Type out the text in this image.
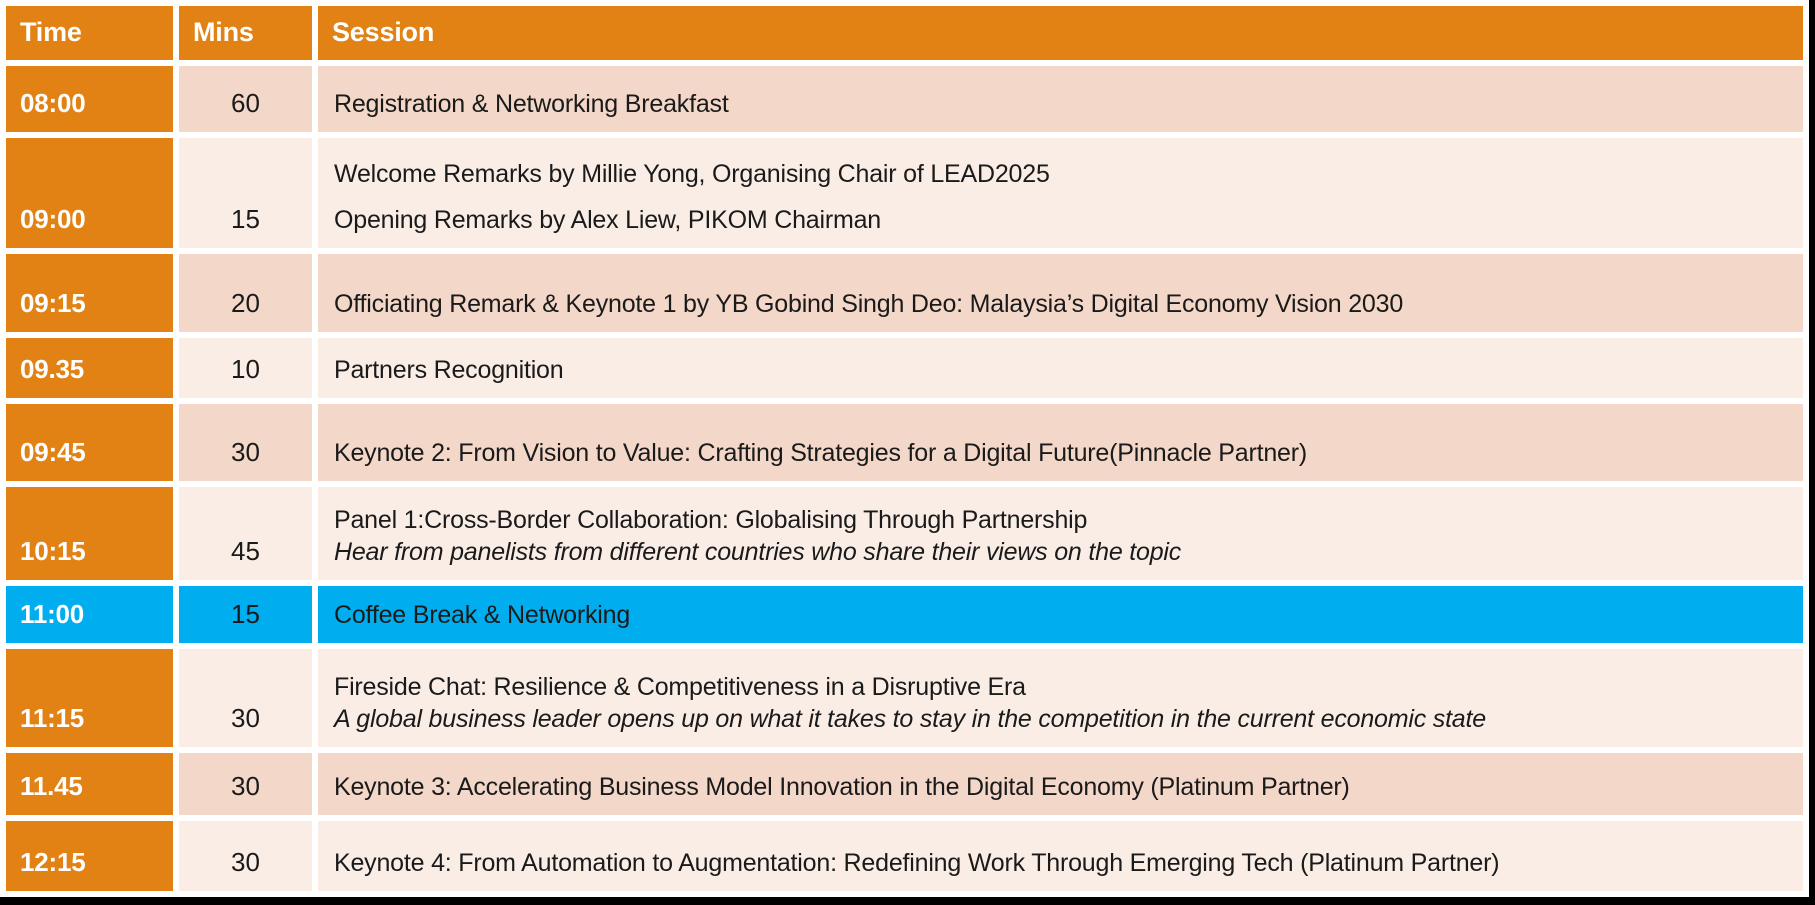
Time	Mins	Session
08:00	60	Registration & Networking Breakfast

09:00	15	Welcome Remarks by Millie Yong, Organising Chair of LEAD2025
Opening Remarks by Alex Liew, PIKOM Chairman

09:15	20	Officiating Remark & Keynote 1 by YB Gobind Singh Deo: Malaysia’s Digital Economy Vision 2030

09.35	10	Partners Recognition

09:45	30	Keynote 2: From Vision to Value: Crafting Strategies for a Digital Future(Pinnacle Partner)

10:15	45	Panel 1:Cross-Border Collaboration: Globalising Through Partnership
Hear from panelists from different countries who share their views on the topic

11:00	15	Coffee Break & Networking

11:15	30	Fireside Chat: Resilience & Competitiveness in a Disruptive Era
A global business leader opens up on what it takes to stay in the competition in the current economic state

11.45	30	Keynote 3: Accelerating Business Model Innovation in the Digital Economy (Platinum Partner)

12:15	30	Keynote 4: From Automation to Augmentation: Redefining Work Through Emerging Tech (Platinum Partner)
